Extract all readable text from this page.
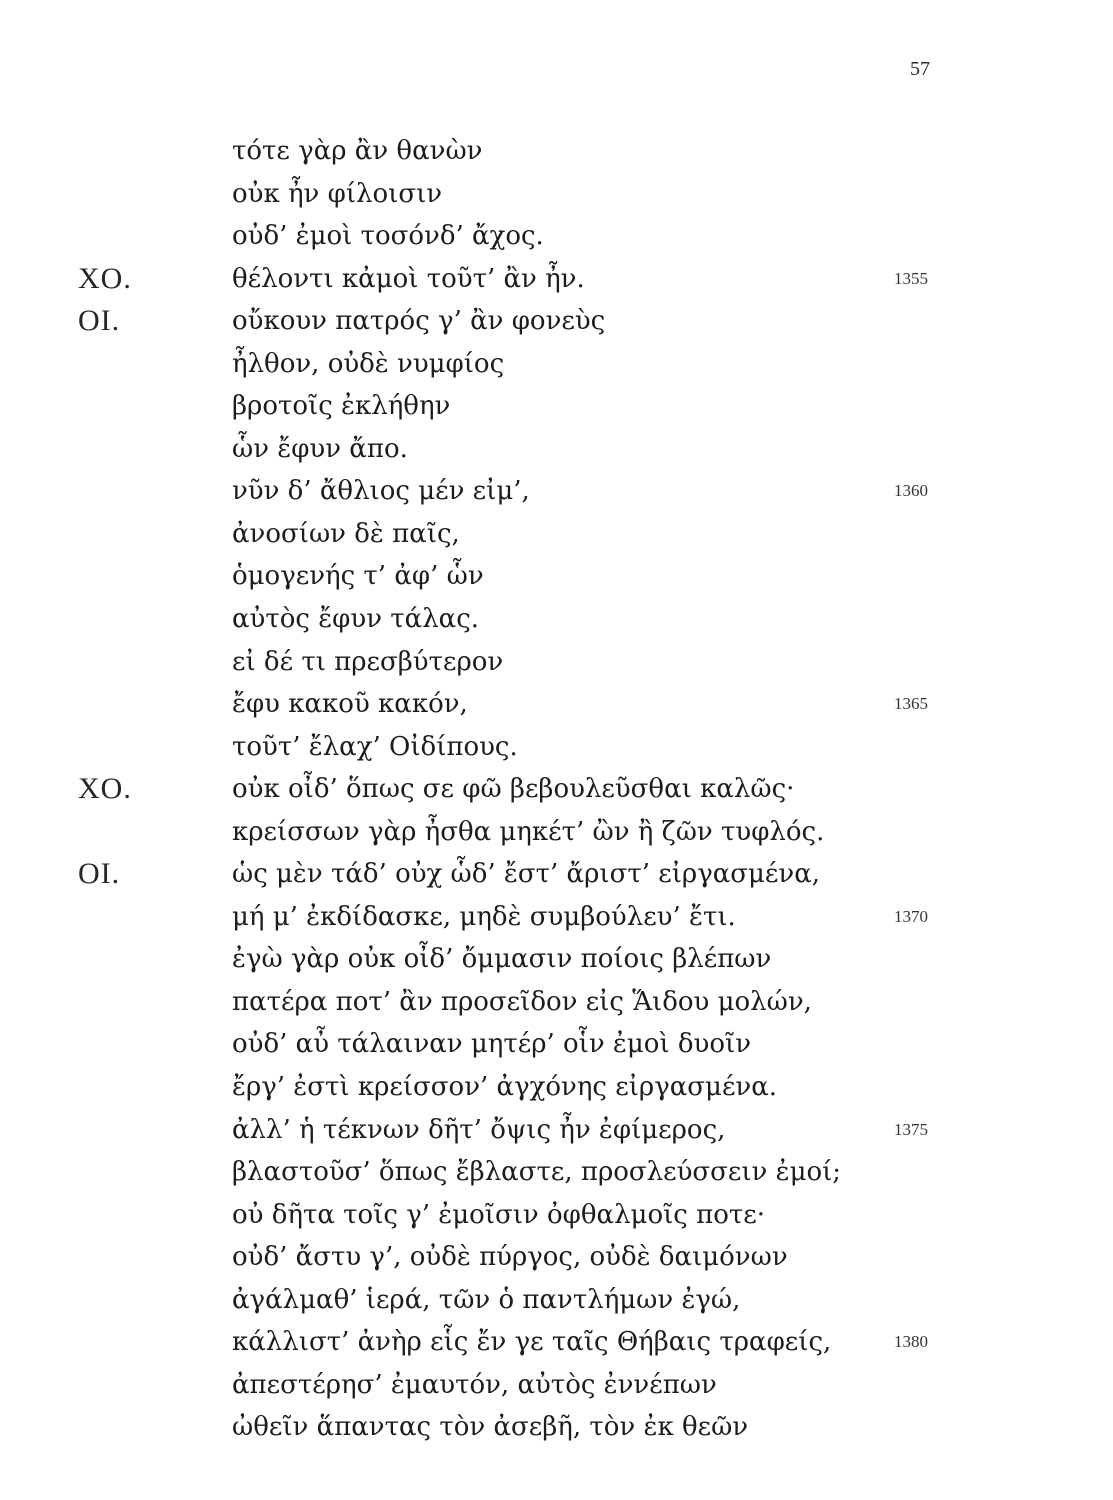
57
τότε γὰρ ἂν θανὼν
οὐκ ἦν φίλοισιν
οὐδ’ ἐμοὶ τοσόνδ’ ἄχος.
ΧΟ.	θέλοντι κἀμοὶ τοῦτ’ ἂν ἦν.	1355
ΟΙ.	οὔκουν πατρός γ’ ἂν φονεὺς
ἦλθον, οὐδὲ νυμφίος
βροτοῖς ἐκλήθην
ὧν ἔφυν ἄπο.
νῦν δ’ ἄθλιος μέν εἰμ’,	1360
ἀνοσίων δὲ παῖς,
ὁμογενής τ’ ἀφ’ ὧν
αὐτὸς ἔφυν τάλας.
εἰ δέ τι πρεσβύτερον
ἔφυ κακοῦ κακόν,	1365
τοῦτ’ ἔλαχ’ Οἰδίπους.
ΧΟ.	οὐκ οἶδ’ ὅπως σε φῶ βεβουλεῦσθαι καλῶς·
κρείσσων γὰρ ἦσθα μηκέτ’ ὢν ἢ ζῶν τυφλός.
ΟΙ.	ὡς μὲν τάδ’ οὐχ ὧδ’ ἔστ’ ἄριστ’ εἰργασμένα,
μή μ’ ἐκδίδασκε, μηδὲ συμβούλευ’ ἔτι.	1370
ἐγὼ γὰρ οὐκ οἶδ’ ὄμμασιν ποίοις βλέπων
πατέρα ποτ’ ἂν προσεῖδον εἰς Ἅιδου μολών,
οὐδ’ αὖ τάλαιναν μητέρ’ οἷν ἐμοὶ δυοῖν
ἔργ’ ἐστὶ κρείσσον’ ἀγχόνης εἰργασμένα.
ἀλλ’ ἡ τέκνων δῆτ’ ὄψις ἦν ἐφίμερος,	1375
βλαστοῦσ’ ὅπως ἔβλαστε, προσλεύσσειν ἐμοί;
οὐ δῆτα τοῖς γ’ ἐμοῖσιν ὀφθαλμοῖς ποτε·
οὐδ’ ἄστυ γ’, οὐδὲ πύργος, οὐδὲ δαιμόνων
ἀγάλμαθ’ ἱερά, τῶν ὁ παντλήμων ἐγώ,
κάλλιστ’ ἀνὴρ εἷς ἔν γε ταῖς Θήβαις τραφείς,	1380
ἀπεστέρησ’ ἐμαυτόν, αὐτὸς ἐννέπων
ὠθεῖν ἅπαντας τὸν ἀσεβῆ, τὸν ἐκ θεῶν
